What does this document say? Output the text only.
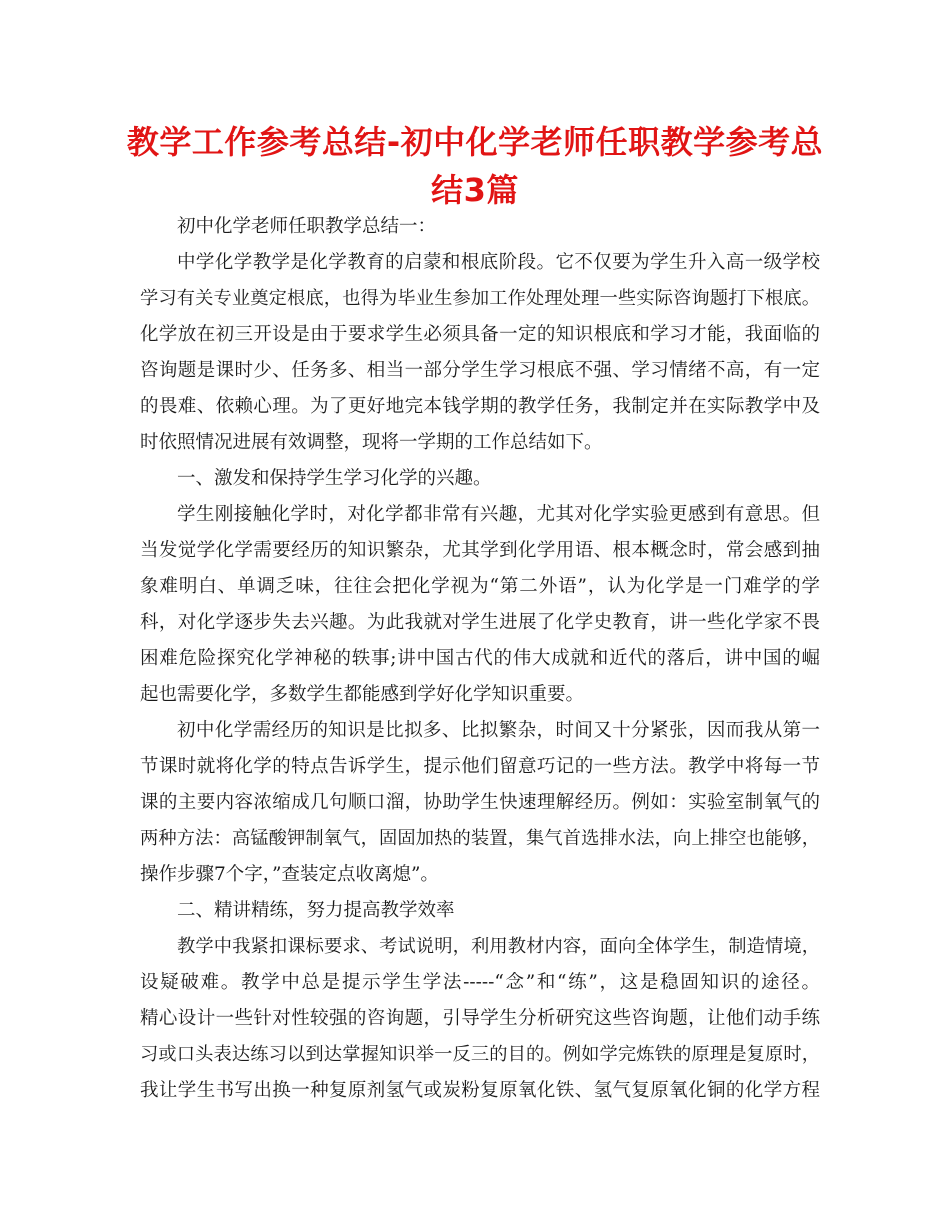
教学工作参考总结-初中化学老师任职教学参考总
结3篇
初中化学老师任职教学总结一：
中学化学教学是化学教育的启蒙和根底阶段。它不仅要为学生升入高一级学校
学习有关专业奠定根底，也得为毕业生参加工作处理处理一些实际咨询题打下根底。
化学放在初三开设是由于要求学生必须具备一定的知识根底和学习才能，我面临的
咨询题是课时少、任务多、相当一部分学生学习根底不强、学习情绪不高，有一定
的畏难、依赖心理。为了更好地完本钱学期的教学任务，我制定并在实际教学中及
时依照情况进展有效调整，现将一学期的工作总结如下。
一、激发和保持学生学习化学的兴趣。
学生刚接触化学时，对化学都非常有兴趣，尤其对化学实验更感到有意思。但
当发觉学化学需要经历的知识繁杂，尤其学到化学用语、根本概念时，常会感到抽
象难明白、单调乏味，往往会把化学视为“第二外语”，认为化学是一门难学的学
科，对化学逐步失去兴趣。为此我就对学生进展了化学史教育，讲一些化学家不畏
困难危险探究化学神秘的轶事;讲中国古代的伟大成就和近代的落后，讲中国的崛
起也需要化学，多数学生都能感到学好化学知识重要。
初中化学需经历的知识是比拟多、比拟繁杂，时间又十分紧张，因而我从第一
节课时就将化学的特点告诉学生，提示他们留意巧记的一些方法。教学中将每一节
课的主要内容浓缩成几句顺口溜，协助学生快速理解经历。例如：实验室制氧气的
两种方法：高锰酸钾制氧气，固固加热的装置，集气首选排水法，向上排空也能够，
操作步骤7个字，”查装定点收离熄”。
二、精讲精练，努力提高教学效率
教学中我紧扣课标要求、考试说明，利用教材内容，面向全体学生，制造情境，
设疑破难。教学中总是提示学生学法-----“念”和“练”，这是稳固知识的途径。
精心设计一些针对性较强的咨询题，引导学生分析研究这些咨询题，让他们动手练
习或口头表达练习以到达掌握知识举一反三的目的。例如学完炼铁的原理是复原时，
我让学生书写出换一种复原剂氢气或炭粉复原氧化铁、氢气复原氧化铜的化学方程
